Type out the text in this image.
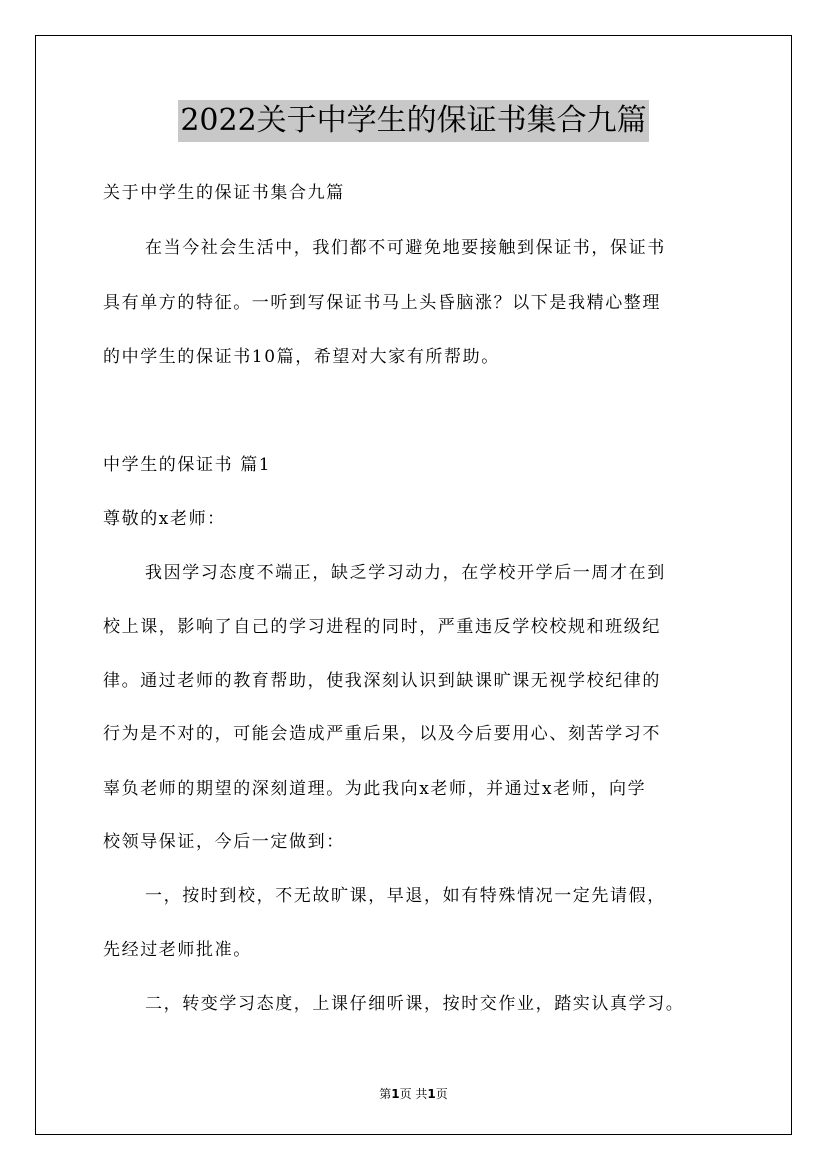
2022关于中学生的保证书集合九篇
关于中学生的保证书集合九篇
在当今社会生活中，我们都不可避免地要接触到保证书，保证书
具有单方的特征。一听到写保证书马上头昏脑涨？以下是我精心整理
的中学生的保证书10篇，希望对大家有所帮助。
中学生的保证书 篇1
尊敬的x老师：
我因学习态度不端正，缺乏学习动力，在学校开学后一周才在到
校上课，影响了自己的学习进程的同时，严重违反学校校规和班级纪
律。通过老师的教育帮助，使我深刻认识到缺课旷课无视学校纪律的
行为是不对的，可能会造成严重后果，以及今后要用心、刻苦学习不
辜负老师的期望的深刻道理。为此我向x老师，并通过x老师，向学
校领导保证，今后一定做到：
一，按时到校，不无故旷课，早退，如有特殊情况一定先请假，
先经过老师批准。
二，转变学习态度，上课仔细听课，按时交作业，踏实认真学习。
第1页 共1页
